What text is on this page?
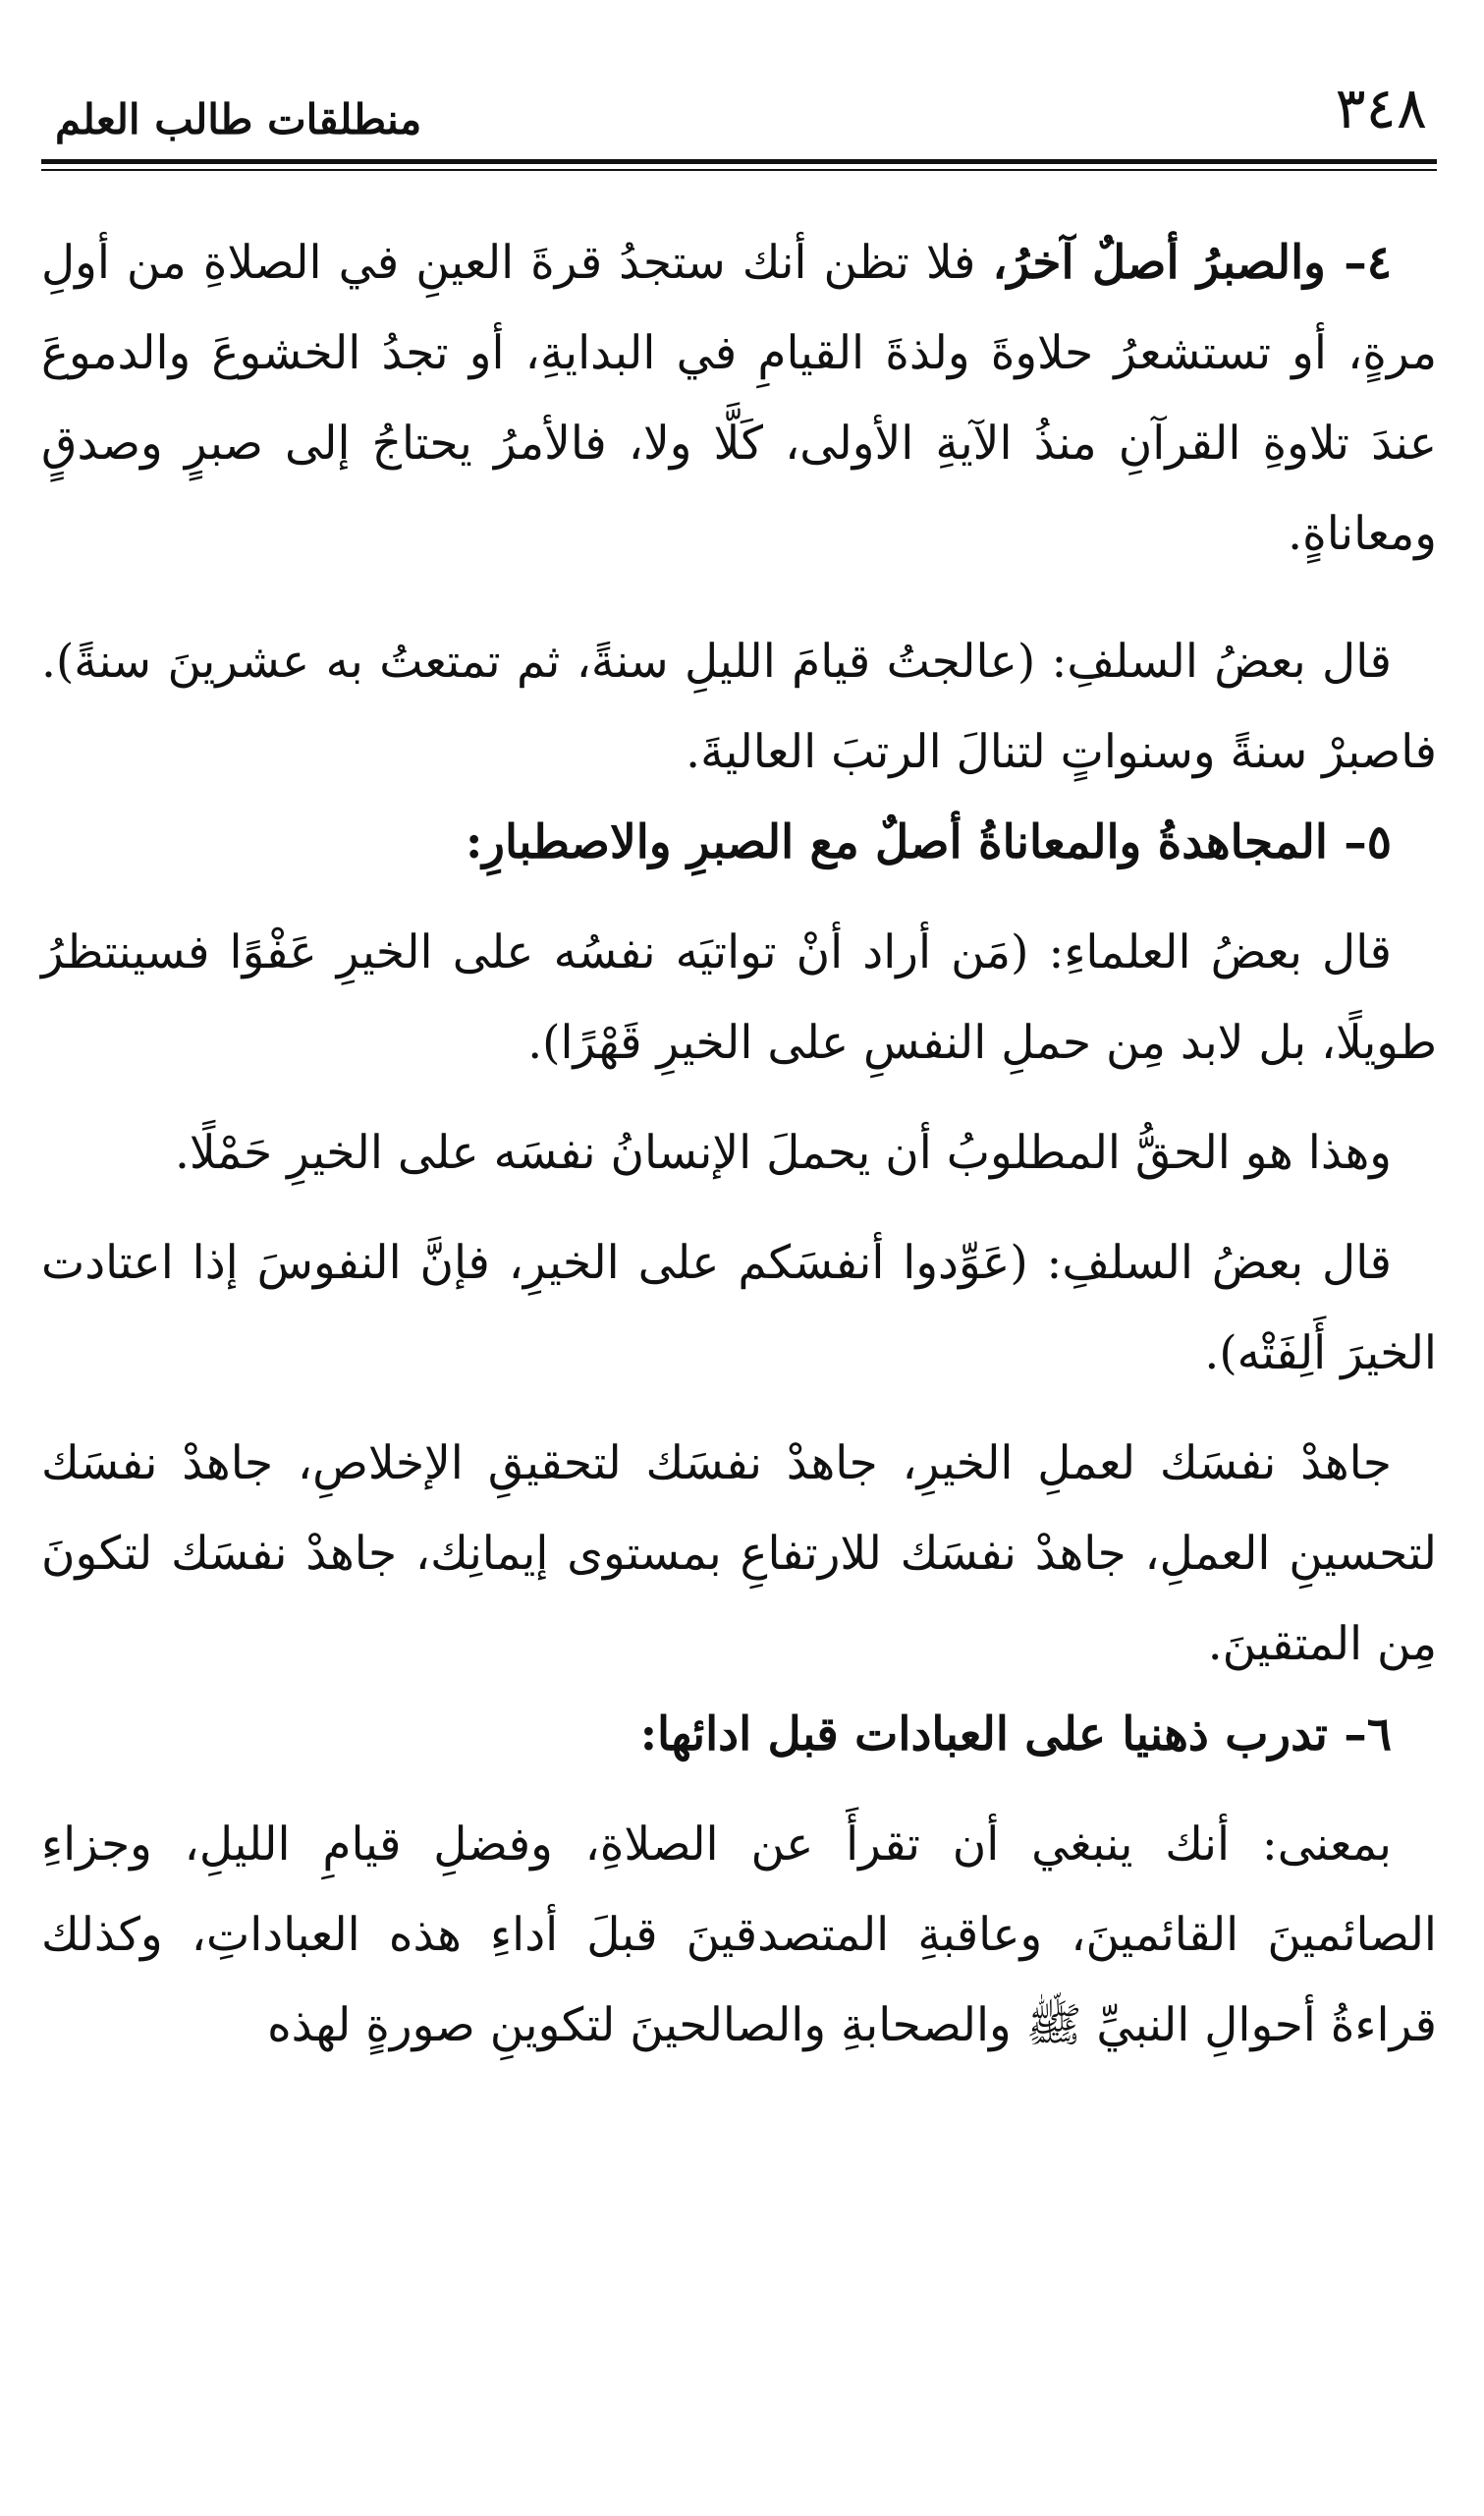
٣٤٨
منطلقات طالب العلم

٤– والصبرُ أصلٌ آخرُ، فلا تظن أنك ستجدُ قرةَ العينِ في الصلاةِ من أولِ مرةٍ، أو تستشعرُ حلاوةَ ولذةَ القيامِ في البدايةِ، أو تجدُ الخشوعَ والدموعَ عندَ تلاوةِ القرآنِ منذُ الآيةِ الأولى، كَلَّا ولا، فالأمرُ يحتاجُ إلى صبرٍ وصدقٍ ومعاناةٍ.

قال بعضُ السلفِ: (عالجتُ قيامَ الليلِ سنةً، ثم تمتعتُ به عشرينَ سنةً). فاصبرْ سنةً وسنواتٍ لتنالَ الرتبَ العاليةَ.

٥– المجاهدةُ والمعاناةُ أصلٌ مع الصبرِ والاصطبارِ:

قال بعضُ العلماءِ: (مَن أراد أنْ تواتيَه نفسُه على الخيرِ عَفْوًا فسينتظرُ طويلًا، بل لابد مِن حملِ النفسِ على الخيرِ قَهْرًا).

وهذا هو الحقُّ المطلوبُ أن يحملَ الإنسانُ نفسَه على الخيرِ حَمْلًا.

قال بعضُ السلفِ: (عَوِّدوا أنفسَكم على الخيرِ، فإنَّ النفوسَ إذا اعتادت الخيرَ أَلِفَتْه).

جاهدْ نفسَك لعملِ الخيرِ، جاهدْ نفسَك لتحقيقِ الإخلاصِ، جاهدْ نفسَك لتحسينِ العملِ، جاهدْ نفسَك للارتفاعِ بمستوى إيمانِك، جاهدْ نفسَك لتكونَ مِن المتقينَ.

٦– تدرب ذهنيا على العبادات قبل ادائها:

بمعنى: أنك ينبغي أن تقرأَ عن الصلاةِ، وفضلِ قيامِ الليلِ، وجزاءِ الصائمينَ القائمينَ، وعاقبةِ المتصدقينَ قبلَ أداءِ هذه العباداتِ، وكذلك قراءةُ أحوالِ النبيِّ ﷺ والصحابةِ والصالحينَ لتكوينِ صورةٍ لهذه
